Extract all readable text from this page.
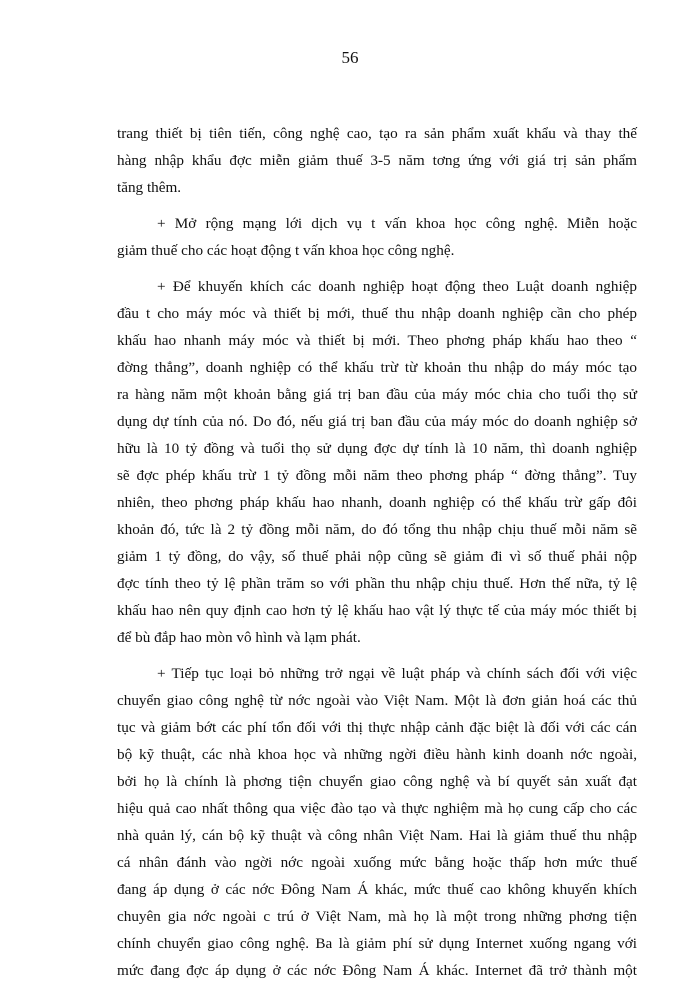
56

trang thiết bị tiên tiến, công nghệ cao, tạo ra sản phẩm xuất khẩu và thay thế
hàng nhập khẩu đợc miễn giảm thuế 3-5 năm tơng ứng với giá trị sản phẩm
tăng thêm.

+ Mở rộng mạng lới dịch vụ t vấn khoa học công nghệ. Miễn hoặc
giảm thuế cho các hoạt động t vấn khoa học công nghệ.

+ Để khuyến khích các doanh nghiệp hoạt động theo Luật doanh nghiệp
đầu t cho máy móc và thiết bị mới, thuế thu nhập doanh nghiệp cần cho phép
khấu hao nhanh máy móc và thiết bị mới. Theo phơng pháp khấu hao theo “
đờng thẳng”, doanh nghiệp có thể khấu trừ từ khoản thu nhập do máy móc tạo
ra hàng năm một khoản bằng giá trị ban đầu của máy móc chia cho tuổi thọ sử
dụng dự tính của nó. Do đó, nếu giá trị ban đầu của máy móc do doanh nghiệp sở
hữu là 10 tỷ đồng và tuổi thọ sử dụng đợc dự tính là 10 năm, thì doanh nghiệp
sẽ đợc phép khấu trừ 1 tỷ đồng mỗi năm theo phơng pháp “ đờng thẳng”. Tuy
nhiên, theo phơng pháp khấu hao nhanh, doanh nghiệp có thể khấu trừ gấp đôi
khoản đó, tức là 2 tỷ đồng mỗi năm, do đó tổng thu nhập chịu thuế mỗi năm sẽ
giảm 1 tỷ đồng, do vậy, số thuế phải nộp cũng sẽ giảm đi vì số thuế phải nộp
đợc tính theo tỷ lệ phần trăm so với phần thu nhập chịu thuế. Hơn thế nữa, tỷ lệ
khấu hao nên quy định cao hơn tỷ lệ khấu hao vật lý thực tế của máy móc thiết bị
để bù đắp hao mòn vô hình và lạm phát.

+ Tiếp tục loại bỏ những trở ngại về luật pháp và chính sách đối với việc
chuyển giao công nghệ từ nớc ngoài vào Việt Nam. Một là đơn giản hoá các thủ
tục và giảm bớt các phí tổn đối với thị thực nhập cảnh đặc biệt là đối với các cán
bộ kỹ thuật, các nhà khoa học và những ngời điều hành kinh doanh nớc ngoài,
bởi họ là chính là phơng tiện chuyển giao công nghệ và bí quyết sản xuất đạt
hiệu quả cao nhất thông qua việc đào tạo và thực nghiệm mà họ cung cấp cho các
nhà quản lý, cán bộ kỹ thuật và công nhân Việt Nam. Hai là giảm thuế thu nhập
cá nhân đánh vào ngời nớc ngoài xuống mức bằng hoặc thấp hơn mức thuế
đang áp dụng ở các nớc Đông Nam Á khác, mức thuế cao không khuyến khích
chuyên gia nớc ngoài c trú ở Việt Nam, mà họ là một trong những phơng tiện
chính chuyển giao công nghệ. Ba là giảm phí sử dụng Internet xuống ngang với
mức đang đợc áp dụng ở các nớc Đông Nam Á khác. Internet đã trở thành một
